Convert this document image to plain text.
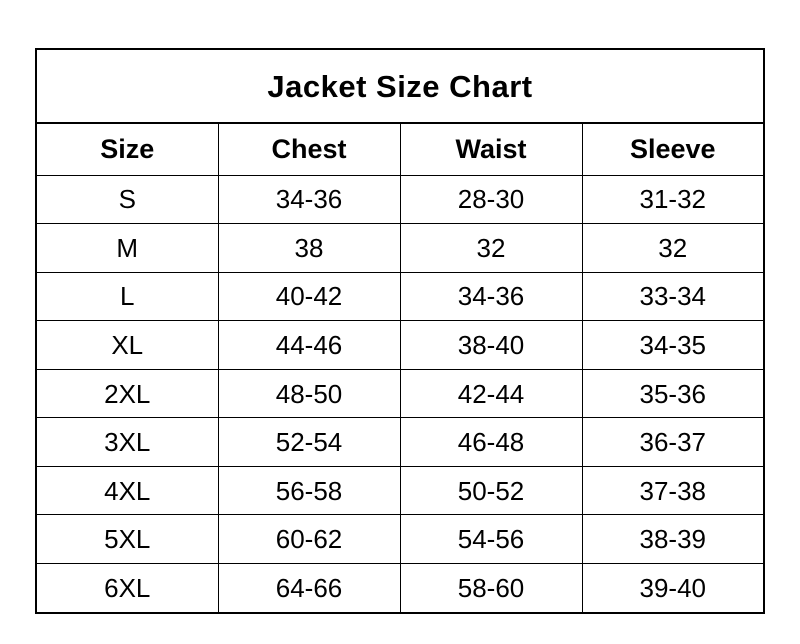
Jacket Size Chart			
Size	Chest	Waist	Sleeve
S	34-36	28-30	31-32
M	38	32	32
L	40-42	34-36	33-34
XL	44-46	38-40	34-35
2XL	48-50	42-44	35-36
3XL	52-54	46-48	36-37
4XL	56-58	50-52	37-38
5XL	60-62	54-56	38-39
6XL	64-66	58-60	39-40
